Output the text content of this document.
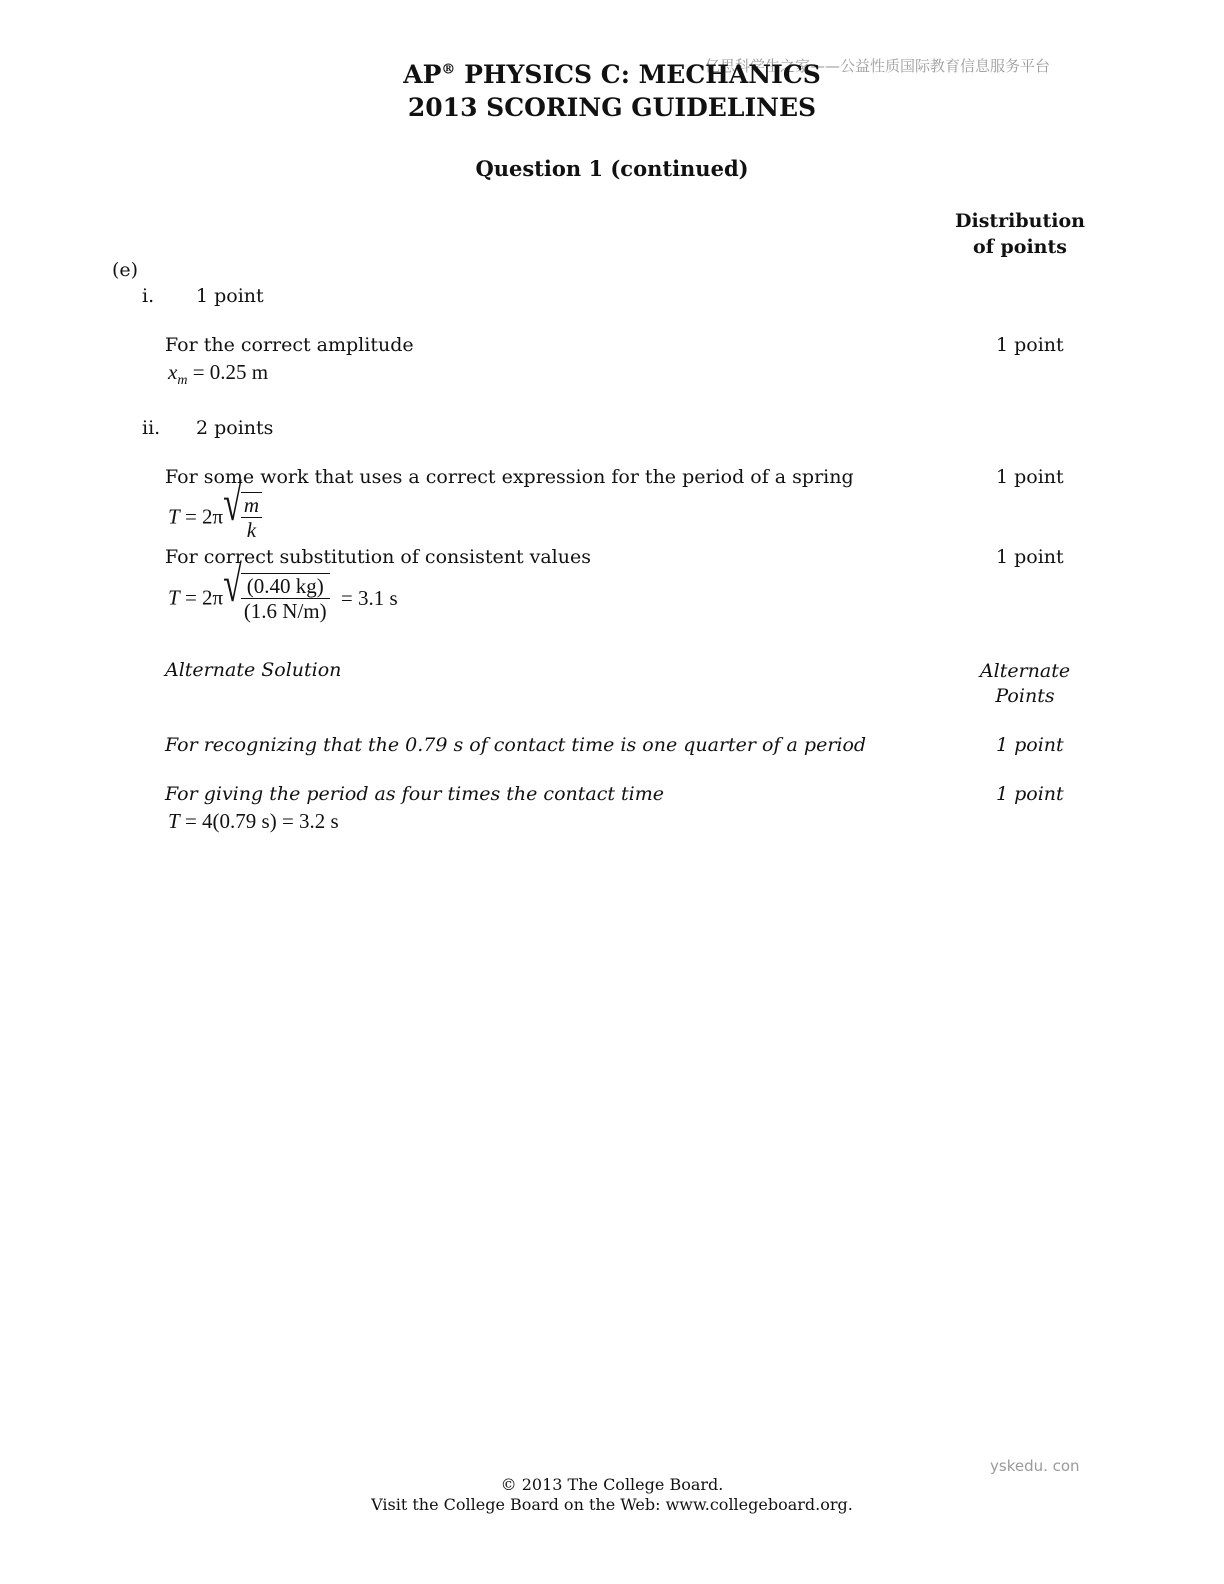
亿思科学生之家——公益性质国际教育信息服务平台
AP® PHYSICS C: MECHANICS
2013 SCORING GUIDELINES
Question 1 (continued)
Distribution
of points
(e)
i. 1 point
For the correct amplitude	1 point
$x_m = 0.25$ m
ii. 2 points
For some work that uses a correct expression for the period of a spring	1 point
T = 2π √ $\frac{m}{k}$
For correct substitution of consistent values	1 point
T = 2π √ $\frac{(0.40 kg)}{(1.6 N/m)} = 3.1$ s
Alternate Solution	Alternate
Points
For recognizing that the 0.79 s of contact time is one quarter of a period	1 point
For giving the period as four times the contact time	1 point
T = 4(0.79 s) = 3.2 s
yskedu. con
© 2013 The College Board.
Visit the College Board on the Web: www.collegeboard.org.
